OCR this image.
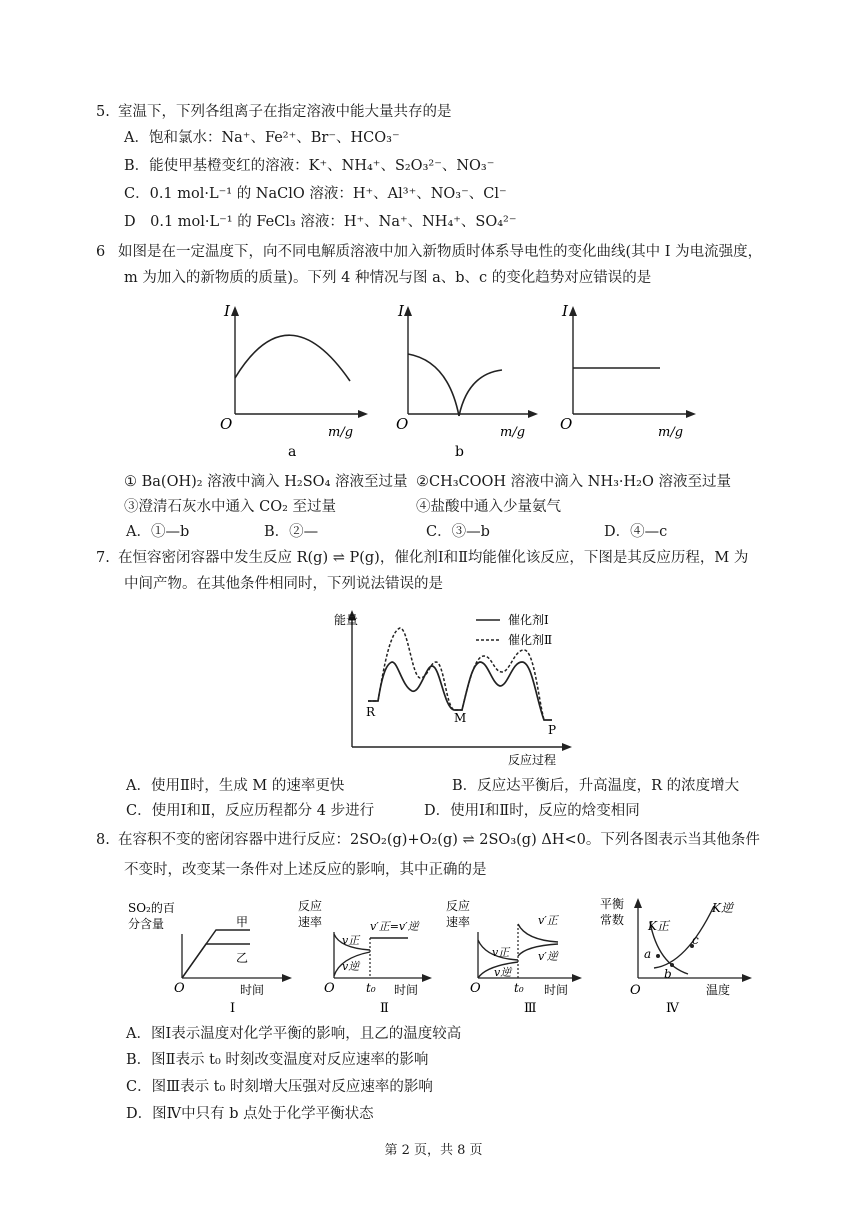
5. 室温下，下列各组离子在指定溶液中能大量共存的是
A．饱和氯水：Na⁺、Fe²⁺、Br⁻、HCO₃⁻
B．能使甲基橙变红的溶液：K⁺、NH₄⁺、S₂O₃²⁻、NO₃⁻
C．0.1 mol·L⁻¹ 的 NaClO 溶液：H⁺、Al³⁺、NO₃⁻、Cl⁻
D　0.1 mol·L⁻¹ 的 FeCl₃ 溶液：H⁺、Na⁺、NH₄⁺、SO₄²⁻
6 如图是在一定温度下，向不同电解质溶液中加入新物质时体系导电性的变化曲线(其中 I 为电流强度，
m 为加入的新物质的质量)。下列 4 种情况与图 a、b、c 的变化趋势对应错误的是
I
O	m/g
a
I
O	m/g
b
I
O	m/g
① Ba(OH)₂ 溶液中滴入 H₂SO₄ 溶液至过量 ②CH₃COOH 溶液中滴入 NH₃·H₂O 溶液至过量
③澄清石灰水中通入 CO₂ 至过量	④盐酸中通入少量氨气
A．①—b	B．②—	C．③—b	D．④—c
7. 在恒容密闭容器中发生反应 R(g) ⇌ P(g)，催化剂Ⅰ和Ⅱ均能催化该反应，下图是其反应历程，M 为
中间产物。在其他条件相同时，下列说法错误的是
能量
反应过程
催化剂Ⅰ
催化剂Ⅱ
R	M
P
A．使用Ⅱ时，生成 M 的速率更快	B．反应达平衡后，升高温度，R 的浓度增大
C．使用Ⅰ和Ⅱ，反应历程都分 4 步进行	D．使用Ⅰ和Ⅱ时，反应的焓变相同
8. 在容积不变的密闭容器中进行反应：2SO₂(g)+O₂(g) ⇌ 2SO₃(g) ΔH<0。下列各图表示当其他条件
不变时，改变某一条件对上述反应的影响，其中正确的是
SO₂的百
分含量	甲
乙
O	时间
Ⅰ
反应
速率
v正
v逆
v′正=v′逆
O	t₀ 时间
Ⅱ
反应
速率
v正
v逆
v′正
v′逆
O	t₀ 时间
Ⅲ
平衡
常数 K正
K逆
a
b
c
O	温度
Ⅳ
A．图Ⅰ表示温度对化学平衡的影响，且乙的温度较高
B．图Ⅱ表示 t₀ 时刻改变温度对反应速率的影响
C．图Ⅲ表示 t₀ 时刻增大压强对反应速率的影响
D．图Ⅳ中只有 b 点处于化学平衡状态
第 2 页，共 8 页
